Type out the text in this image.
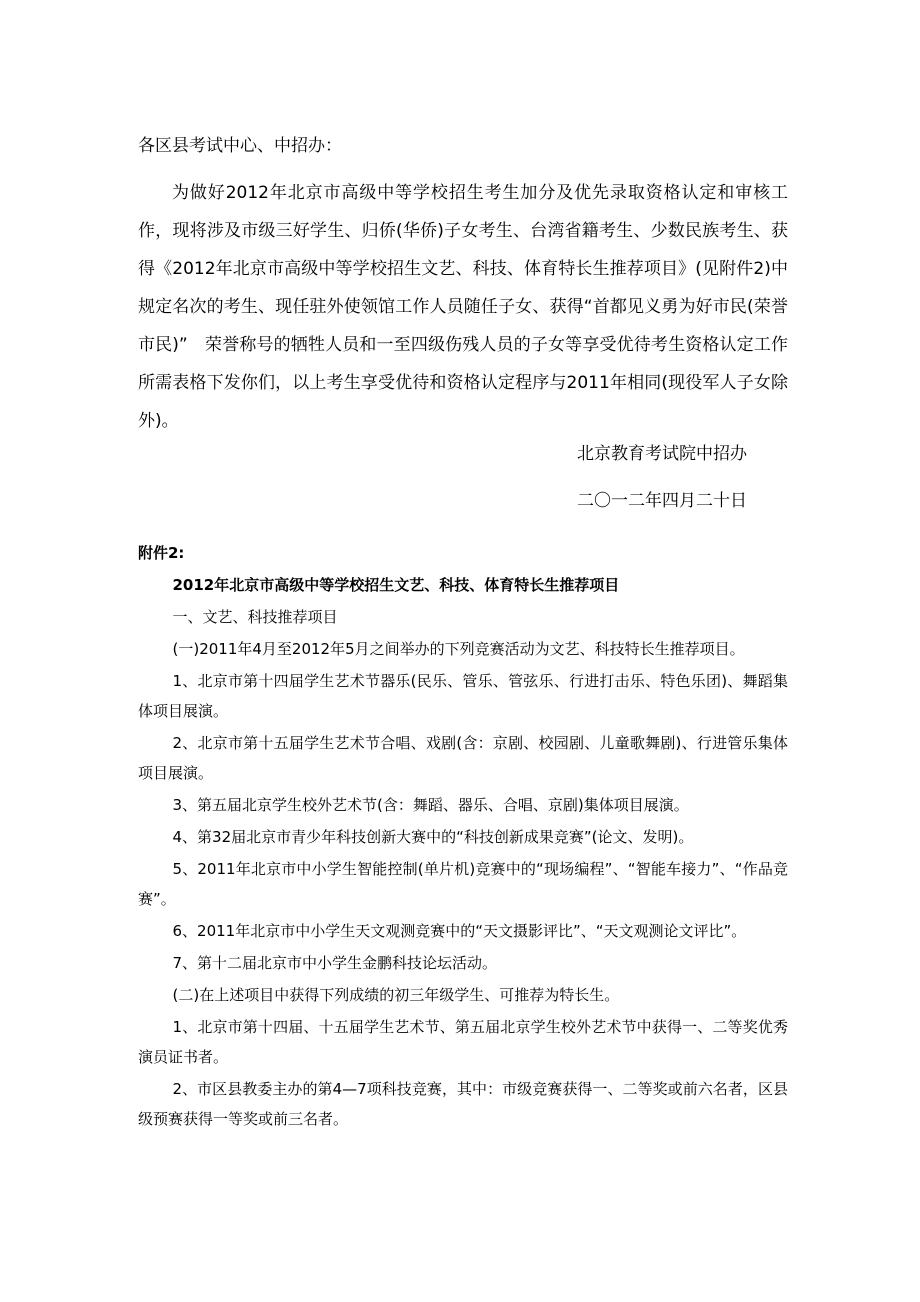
各区县考试中心、中招办：

为做好2012年北京市高级中等学校招生考生加分及优先录取资格认定和审核工作，现将涉及市级三好学生、归侨(华侨)子女考生、台湾省籍考生、少数民族考生、获得《2012年北京市高级中等学校招生文艺、科技、体育特长生推荐项目》(见附件2)中规定名次的考生、现任驻外使领馆工作人员随任子女、获得“首都见义勇为好市民(荣誉市民)”　荣誉称号的牺牲人员和一至四级伤残人员的子女等享受优待考生资格认定工作所需表格下发你们，以上考生享受优待和资格认定程序与2011年相同(现役军人子女除外)。

北京教育考试院中招办
二〇一二年四月二十日

附件2:

2012年北京市高级中等学校招生文艺、科技、体育特长生推荐项目

一、文艺、科技推荐项目

(一)2011年4月至2012年5月之间举办的下列竞赛活动为文艺、科技特长生推荐项目。

1、北京市第十四届学生艺术节器乐(民乐、管乐、管弦乐、行进打击乐、特色乐团)、舞蹈集体项目展演。

2、北京市第十五届学生艺术节合唱、戏剧(含：京剧、校园剧、儿童歌舞剧)、行进管乐集体项目展演。

3、第五届北京学生校外艺术节(含：舞蹈、器乐、合唱、京剧)集体项目展演。

4、第32届北京市青少年科技创新大赛中的“科技创新成果竞赛”(论文、发明)。

5、2011年北京市中小学生智能控制(单片机)竞赛中的“现场编程”、“智能车接力”、“作品竞赛”。

6、2011年北京市中小学生天文观测竞赛中的“天文摄影评比”、“天文观测论文评比”。

7、第十二届北京市中小学生金鹏科技论坛活动。

(二)在上述项目中获得下列成绩的初三年级学生、可推荐为特长生。

1、北京市第十四届、十五届学生艺术节、第五届北京学生校外艺术节中获得一、二等奖优秀演员证书者。

2、市区县教委主办的第4—7项科技竞赛，其中：市级竞赛获得一、二等奖或前六名者，区县级预赛获得一等奖或前三名者。
